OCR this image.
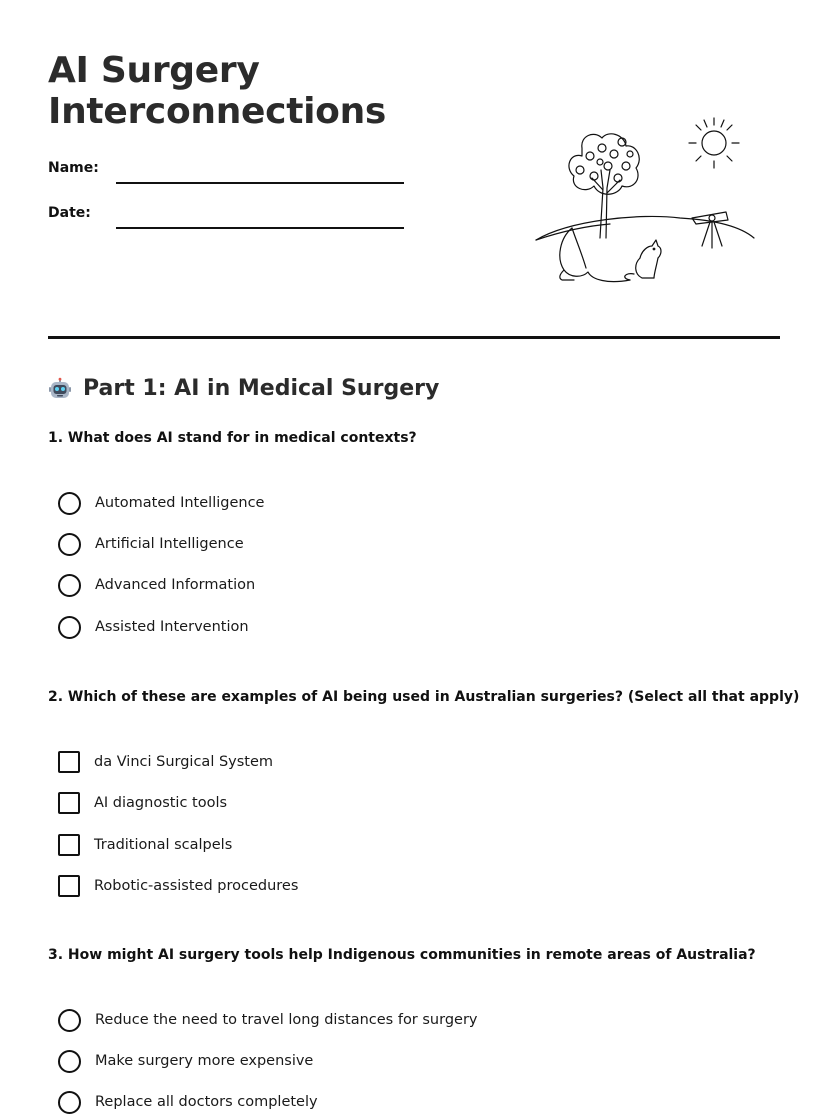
AI Surgery
Interconnections
Name:
Date:
Part 1: AI in Medical Surgery

1. What does AI stand for in medical contexts?

Automated Intelligence
Artificial Intelligence
Advanced Information
Assisted Intervention

2. Which of these are examples of AI being used in Australian surgeries? (Select all that apply)

da Vinci Surgical System
AI diagnostic tools
Traditional scalpels
Robotic-assisted procedures

3. How might AI surgery tools help Indigenous communities in remote areas of Australia?

Reduce the need to travel long distances for surgery
Make surgery more expensive
Replace all doctors completely
